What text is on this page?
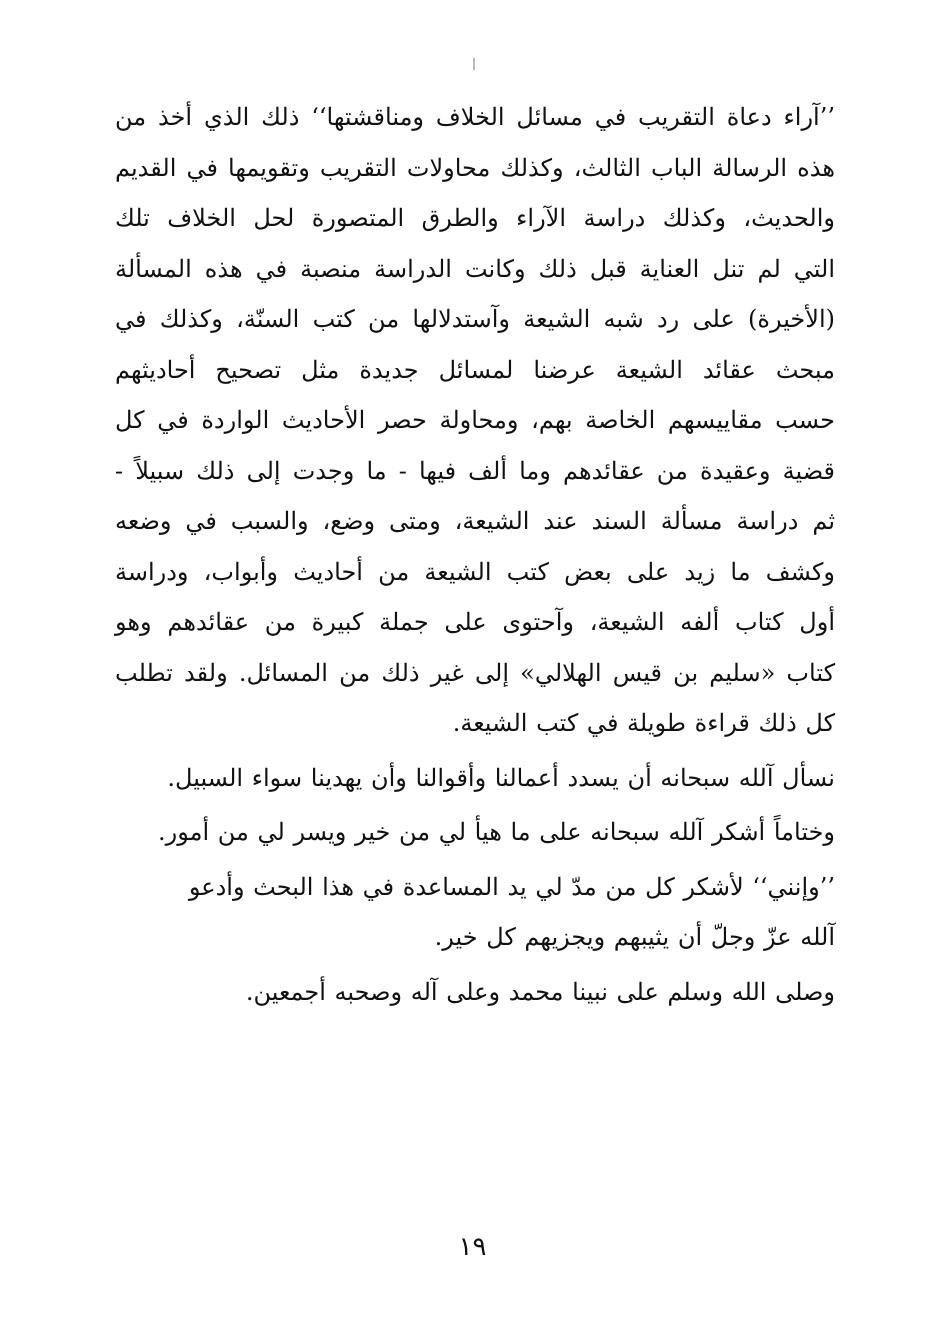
’’آراء دعاة التقريب في مسائل الخلاف ومناقشتها‘‘ ذلك الذي أخذ من
هذه الرسالة الباب الثالث، وكذلك محاولات التقريب وتقويمها في القديم
والحديث، وكذلك دراسة الآراء والطرق المتصورة لحل الخلاف تلك
التي لم تنل العناية قبل ذلك وكانت الدراسة منصبة في هذه المسألة
(الأخيرة) على رد شبه الشيعة وآستدلالها من كتب السنّة، وكذلك في
مبحث عقائد الشيعة عرضنا لمسائل جديدة مثل تصحيح أحاديثهم
حسب مقاييسهم الخاصة بهم، ومحاولة حصر الأحاديث الواردة في كل
قضية وعقيدة من عقائدهم وما ألف فيها - ما وجدت إلى ذلك سبيلاً -
ثم دراسة مسألة السند عند الشيعة، ومتى وضع، والسبب في وضعه
وكشف ما زيد على بعض كتب الشيعة من أحاديث وأبواب، ودراسة
أول كتاب ألفه الشيعة، وآحتوى على جملة كبيرة من عقائدهم وهو
كتاب «سليم بن قيس الهلالي» إلى غير ذلك من المسائل. ولقد تطلب
كل ذلك قراءة طويلة في كتب الشيعة.

نسأل آلله سبحانه أن يسدد أعمالنا وأقوالنا وأن يهدينا سواء السبيل.

وختاماً أشكر آلله سبحانه على ما هيأ لي من خير ويسر لي من أمور.

’’وإنني‘‘ لأشكر كل من مدّ لي يد المساعدة في هذا البحث وأدعو
آلله عزّ وجلّ أن يثيبهم ويجزيهم كل خير.

وصلى الله وسلم على نبينا محمد وعلى آله وصحبه أجمعين.

١٩
